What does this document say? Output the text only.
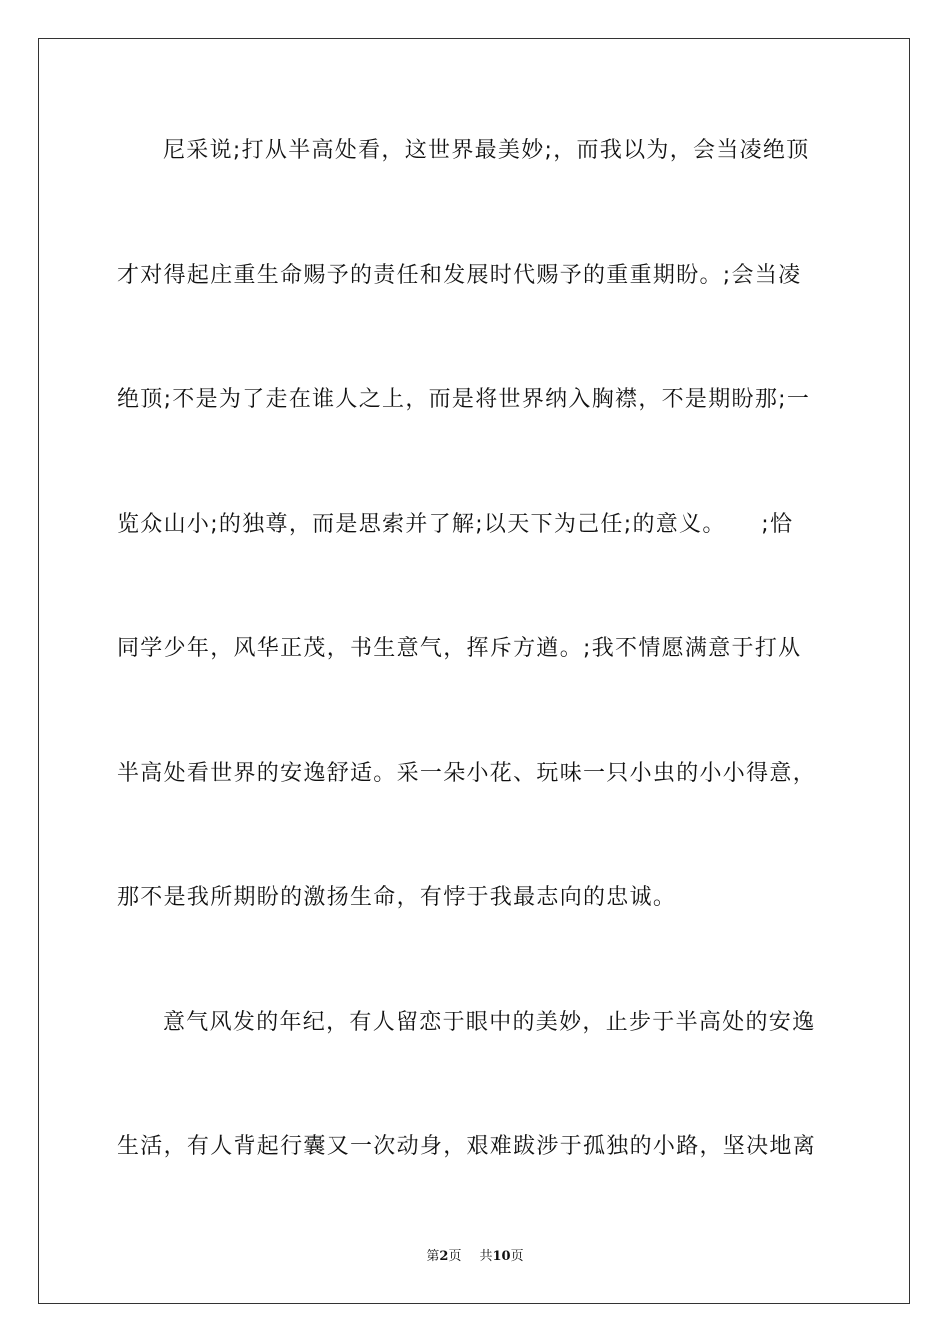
尼采说;打从半高处看，这世界最美妙;，而我以为，会当凌绝顶
才对得起庄重生命赐予的责任和发展时代赐予的重重期盼。;会当凌
绝顶;不是为了走在谁人之上，而是将世界纳入胸襟，不是期盼那;一
览众山小;的独尊，而是思索并了解;以天下为己任;的意义。　　;恰
同学少年，风华正茂，书生意气，挥斥方遒。;我不情愿满意于打从
半高处看世界的安逸舒适。采一朵小花、玩味一只小虫的小小得意，
那不是我所期盼的激扬生命，有悖于我最志向的忠诚。
意气风发的年纪，有人留恋于眼中的美妙，止步于半高处的安逸
生活，有人背起行囊又一次动身，艰难跋涉于孤独的小路，坚决地离
第2页 共10页
